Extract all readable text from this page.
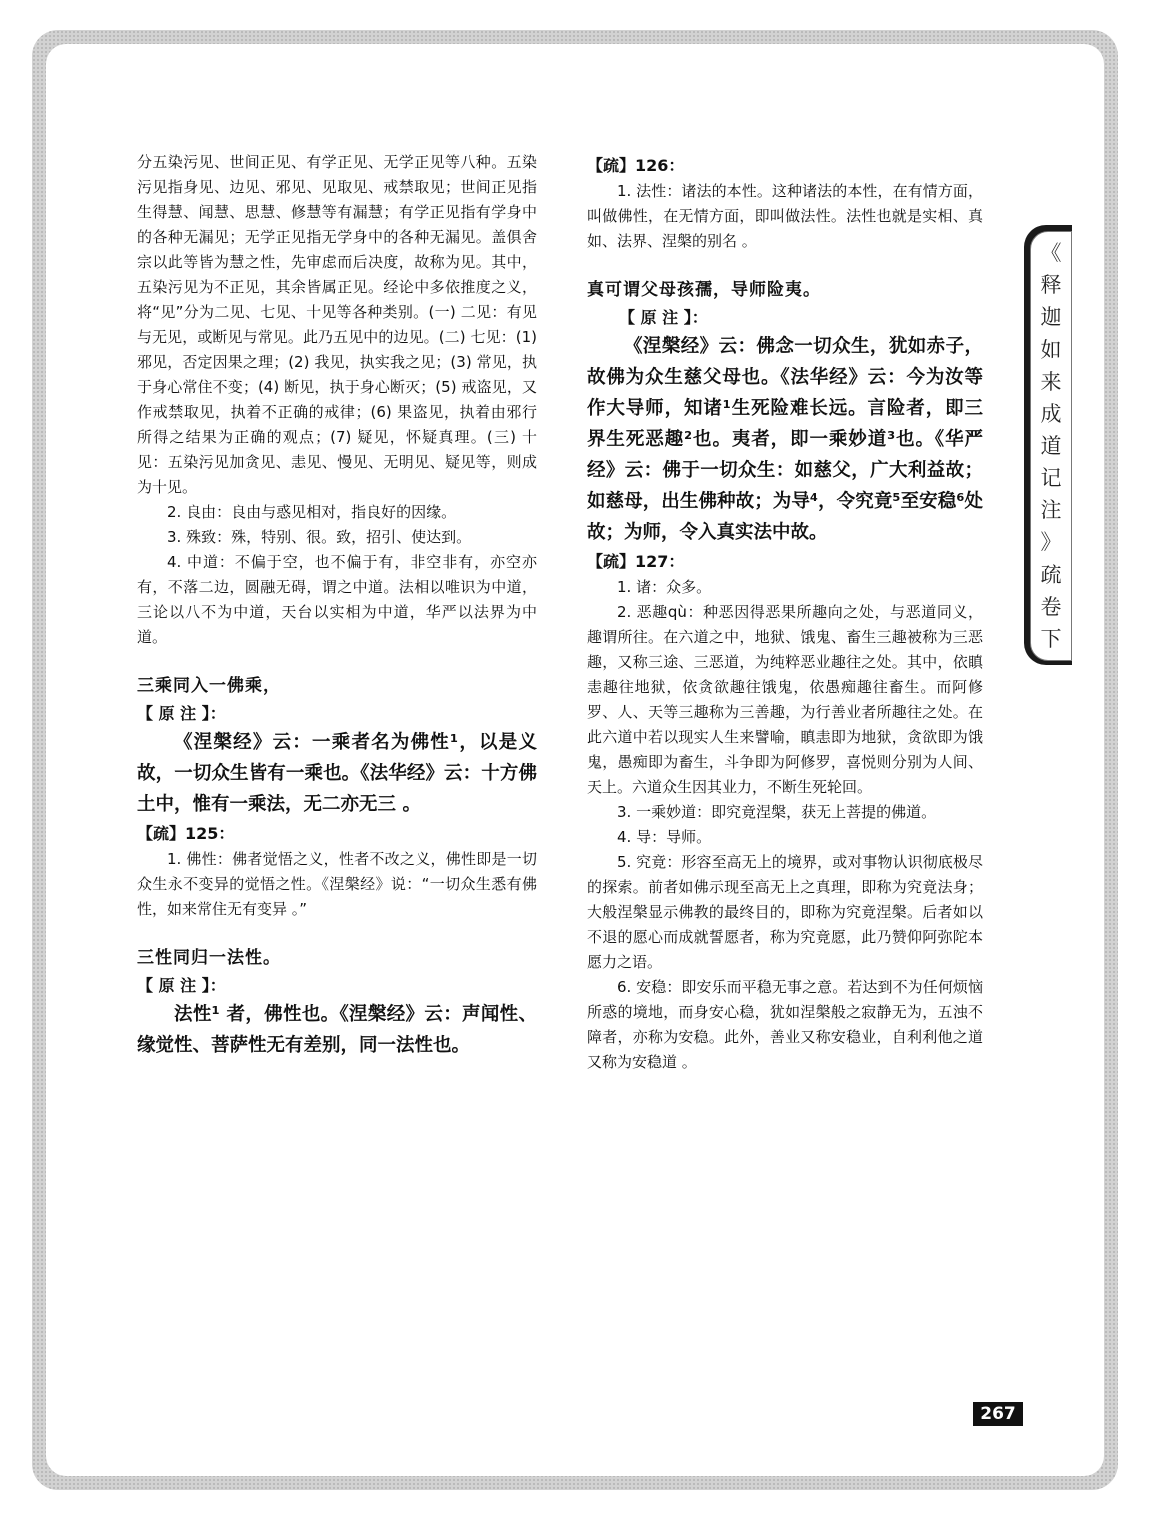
分五染污见、世间正见、有学正见、无学正见等八种。五染污见指身见、边见、邪见、见取见、戒禁取见；世间正见指生得慧、闻慧、思慧、修慧等有漏慧；有学正见指有学身中的各种无漏见；无学正见指无学身中的各种无漏见。盖俱舍宗以此等皆为慧之性，先审虑而后决度，故称为见。其中，五染污见为不正见，其余皆属正见。经论中多依推度之义，将“见”分为二见、七见、十见等各种类别。(一) 二见：有见与无见，或断见与常见。此乃五见中的边见。(二) 七见：(1) 邪见，否定因果之理；(2) 我见，执实我之见；(3) 常见，执于身心常住不变；(4) 断见，执于身心断灭；(5) 戒盗见，又作戒禁取见，执着不正确的戒律；(6) 果盗见，执着由邪行所得之结果为正确的观点；(7) 疑见，怀疑真理。(三) 十见：五染污见加贪见、恚见、慢见、无明见、疑见等，则成为十见。

2. 良由：良由与惑见相对，指良好的因缘。

3. 殊致：殊，特别、很。致，招引、使达到。

4. 中道：不偏于空，也不偏于有，非空非有，亦空亦有，不落二边，圆融无碍，谓之中道。法相以唯识为中道，三论以八不为中道，天台以实相为中道，华严以法界为中道。

三乘同入一佛乘，

【 原 注 】：

《涅槃经》云：一乘者名为佛性¹，以是义故，一切众生皆有一乘也。《法华经》云：十方佛土中，惟有一乘法，无二亦无三 。

【疏】125：

1. 佛性：佛者觉悟之义，性者不改之义，佛性即是一切众生永不变异的觉悟之性。《涅槃经》说：“一切众生悉有佛性，如来常住无有变异 。”

三性同归一法性。

【 原 注 】：

法性¹ 者，佛性也。《涅槃经》云：声闻性、缘觉性、菩萨性无有差别，同一法性也。

【疏】126：

1. 法性：诸法的本性。这种诸法的本性，在有情方面，叫做佛性，在无情方面，即叫做法性。法性也就是实相、真如、法界、涅槃的别名 。

真可谓父母孩孺，导师险夷。

【 原 注 】：

《涅槃经》云：佛念一切众生，犹如赤子，故佛为众生慈父母也。《法华经》云：今为汝等作大导师，知诸¹生死险难长远。言险者，即三界生死恶趣²也。夷者，即一乘妙道³也。《华严经》云：佛于一切众生：如慈父，广大利益故；如慈母，出生佛种故；为导⁴，令究竟⁵至安稳⁶处故；为师，令入真实法中故。

【疏】127：

1. 诸：众多。

2. 恶趣qù：种恶因得恶果所趣向之处，与恶道同义，趣谓所往。在六道之中，地狱、饿鬼、畜生三趣被称为三恶趣，又称三途、三恶道，为纯粹恶业趣往之处。其中，依瞋恚趣往地狱，依贪欲趣往饿鬼，依愚痴趣往畜生。而阿修罗、人、天等三趣称为三善趣，为行善业者所趣往之处。在此六道中若以现实人生来譬喻，瞋恚即为地狱，贪欲即为饿鬼，愚痴即为畜生，斗争即为阿修罗，喜悦则分别为人间、天上。六道众生因其业力，不断生死轮回。

3. 一乘妙道：即究竟涅槃，获无上菩提的佛道。

4. 导：导师。

5. 究竟：形容至高无上的境界，或对事物认识彻底极尽的探索。前者如佛示现至高无上之真理，即称为究竟法身；大般涅槃显示佛教的最终目的，即称为究竟涅槃。后者如以不退的愿心而成就誓愿者，称为究竟愿，此乃赞仰阿弥陀本愿力之语。

6. 安稳：即安乐而平稳无事之意。若达到不为任何烦恼所惑的境地，而身安心稳，犹如涅槃般之寂静无为，五浊不障者，亦称为安稳。此外，善业又称安稳业，自利利他之道又称为安稳道 。

《
释
迦
如
来
成
道
记
注
》
疏
卷
下
267
